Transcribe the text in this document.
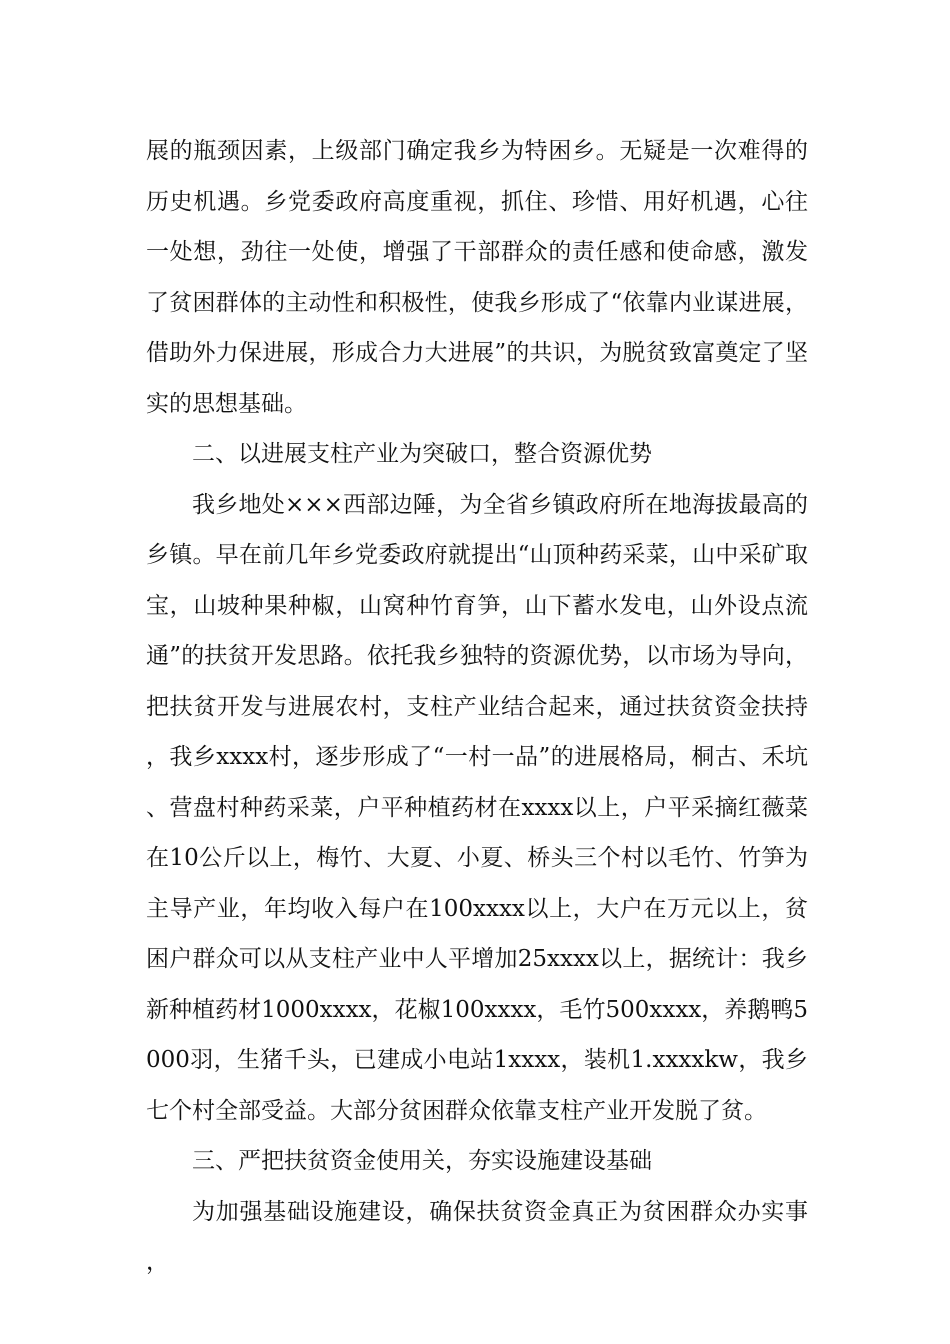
展的瓶颈因素，上级部门确定我乡为特困乡。无疑是一次难得的历史机遇。乡党委政府高度重视，抓住、珍惜、用好机遇，心往一处想，劲往一处使，增强了干部群众的责任感和使命感，激发了贫困群体的主动性和积极性，使我乡形成了“依靠内业谋进展，借助外力保进展，形成合力大进展”的共识，为脱贫致富奠定了坚实的思想基础。

二、以进展支柱产业为突破口，整合资源优势

我乡地处×××西部边陲，为全省乡镇政府所在地海拔最高的乡镇。早在前几年乡党委政府就提出“山顶种药采菜，山中采矿取宝，山坡种果种椒，山窝种竹育笋，山下蓄水发电，山外设点流通”的扶贫开发思路。依托我乡独特的资源优势，以市场为导向，把扶贫开发与进展农村，支柱产业结合起来，通过扶贫资金扶持，我乡xxxx村，逐步形成了“一村一品”的进展格局，桐古、禾坑、营盘村种药采菜，户平种植药材在xxxx以上，户平采摘红薇菜在10公斤以上，梅竹、大夏、小夏、桥头三个村以毛竹、竹笋为主导产业，年均收入每户在100xxxx以上，大户在万元以上，贫困户群众可以从支柱产业中人平增加25xxxx以上，据统计：我乡新种植药材1000xxxx，花椒100xxxx，毛竹500xxxx，养鹅鸭5000羽，生猪千头，已建成小电站1xxxx，装机1.xxxxkw，我乡七个村全部受益。大部分贫困群众依靠支柱产业开发脱了贫。

三、严把扶贫资金使用关，夯实设施建设基础

为加强基础设施建设，确保扶贫资金真正为贫困群众办实事，
